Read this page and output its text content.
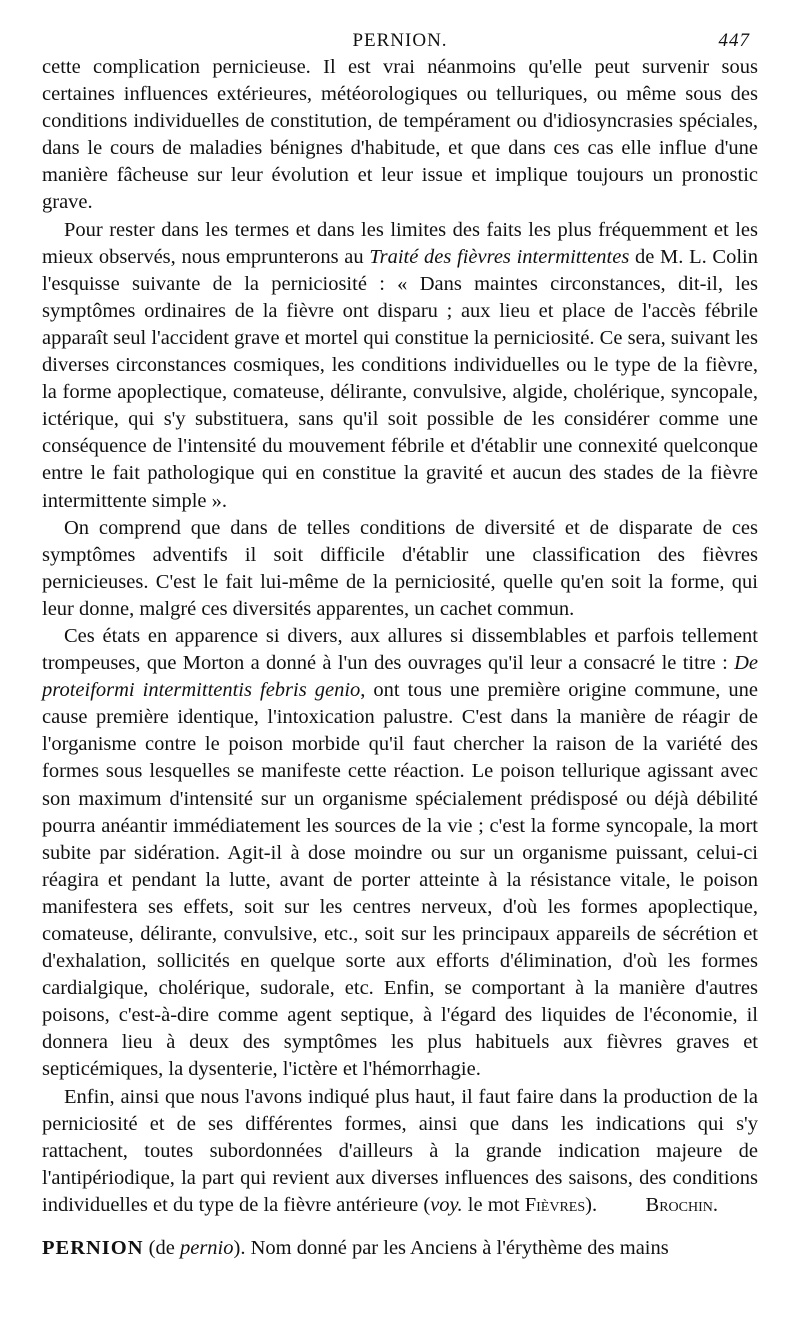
PERNION.	447

cette complication pernicieuse. Il est vrai néanmoins qu'elle peut survenir sous certaines influences extérieures, météorologiques ou telluriques, ou même sous des conditions individuelles de constitution, de tempérament ou d'idiosyncrasies spéciales, dans le cours de maladies bénignes d'habitude, et que dans ces cas elle influe d'une manière fâcheuse sur leur évolution et leur issue et implique toujours un pronostic grave.

Pour rester dans les termes et dans les limites des faits les plus fréquemment et les mieux observés, nous emprunterons au Traité des fièvres intermittentes de M. L. Colin l'esquisse suivante de la perniciosité : « Dans maintes circonstances, dit-il, les symptômes ordinaires de la fièvre ont disparu ; aux lieu et place de l'accès fébrile apparaît seul l'accident grave et mortel qui constitue la perniciosité. Ce sera, suivant les diverses circonstances cosmiques, les conditions individuelles ou le type de la fièvre, la forme apoplectique, comateuse, délirante, convulsive, algide, cholérique, syncopale, ictérique, qui s'y substituera, sans qu'il soit possible de les considérer comme une conséquence de l'intensité du mouvement fébrile et d'établir une connexité quelconque entre le fait pathologique qui en constitue la gravité et aucun des stades de la fièvre intermittente simple ».

On comprend que dans de telles conditions de diversité et de disparate de ces symptômes adventifs il soit difficile d'établir une classification des fièvres pernicieuses. C'est le fait lui-même de la perniciosité, quelle qu'en soit la forme, qui leur donne, malgré ces diversités apparentes, un cachet commun.

Ces états en apparence si divers, aux allures si dissemblables et parfois tellement trompeuses, que Morton a donné à l'un des ouvrages qu'il leur a consacré le titre : De proteiformi intermittentis febris genio, ont tous une première origine commune, une cause première identique, l'intoxication palustre. C'est dans la manière de réagir de l'organisme contre le poison morbide qu'il faut chercher la raison de la variété des formes sous lesquelles se manifeste cette réaction. Le poison tellurique agissant avec son maximum d'intensité sur un organisme spécialement prédisposé ou déjà débilité pourra anéantir immédiatement les sources de la vie ; c'est la forme syncopale, la mort subite par sidération. Agit-il à dose moindre ou sur un organisme puissant, celui-ci réagira et pendant la lutte, avant de porter atteinte à la résistance vitale, le poison manifestera ses effets, soit sur les centres nerveux, d'où les formes apoplectique, comateuse, délirante, convulsive, etc., soit sur les principaux appareils de sécrétion et d'exhalation, sollicités en quelque sorte aux efforts d'élimination, d'où les formes cardialgique, cholérique, sudorale, etc. Enfin, se comportant à la manière d'autres poisons, c'est-à-dire comme agent septique, à l'égard des liquides de l'économie, il donnera lieu à deux des symptômes les plus habituels aux fièvres graves et septicémiques, la dysenterie, l'ictère et l'hémorrhagie.

Enfin, ainsi que nous l'avons indiqué plus haut, il faut faire dans la production de la perniciosité et de ses différentes formes, ainsi que dans les indications qui s'y rattachent, toutes subordonnées d'ailleurs à la grande indication majeure de l'antipériodique, la part qui revient aux diverses influences des saisons, des conditions individuelles et du type de la fièvre antérieure (voy. le mot Fièvres).	Brochin.

PERNION (de pernio). Nom donné par les Anciens à l'érythème des mains
